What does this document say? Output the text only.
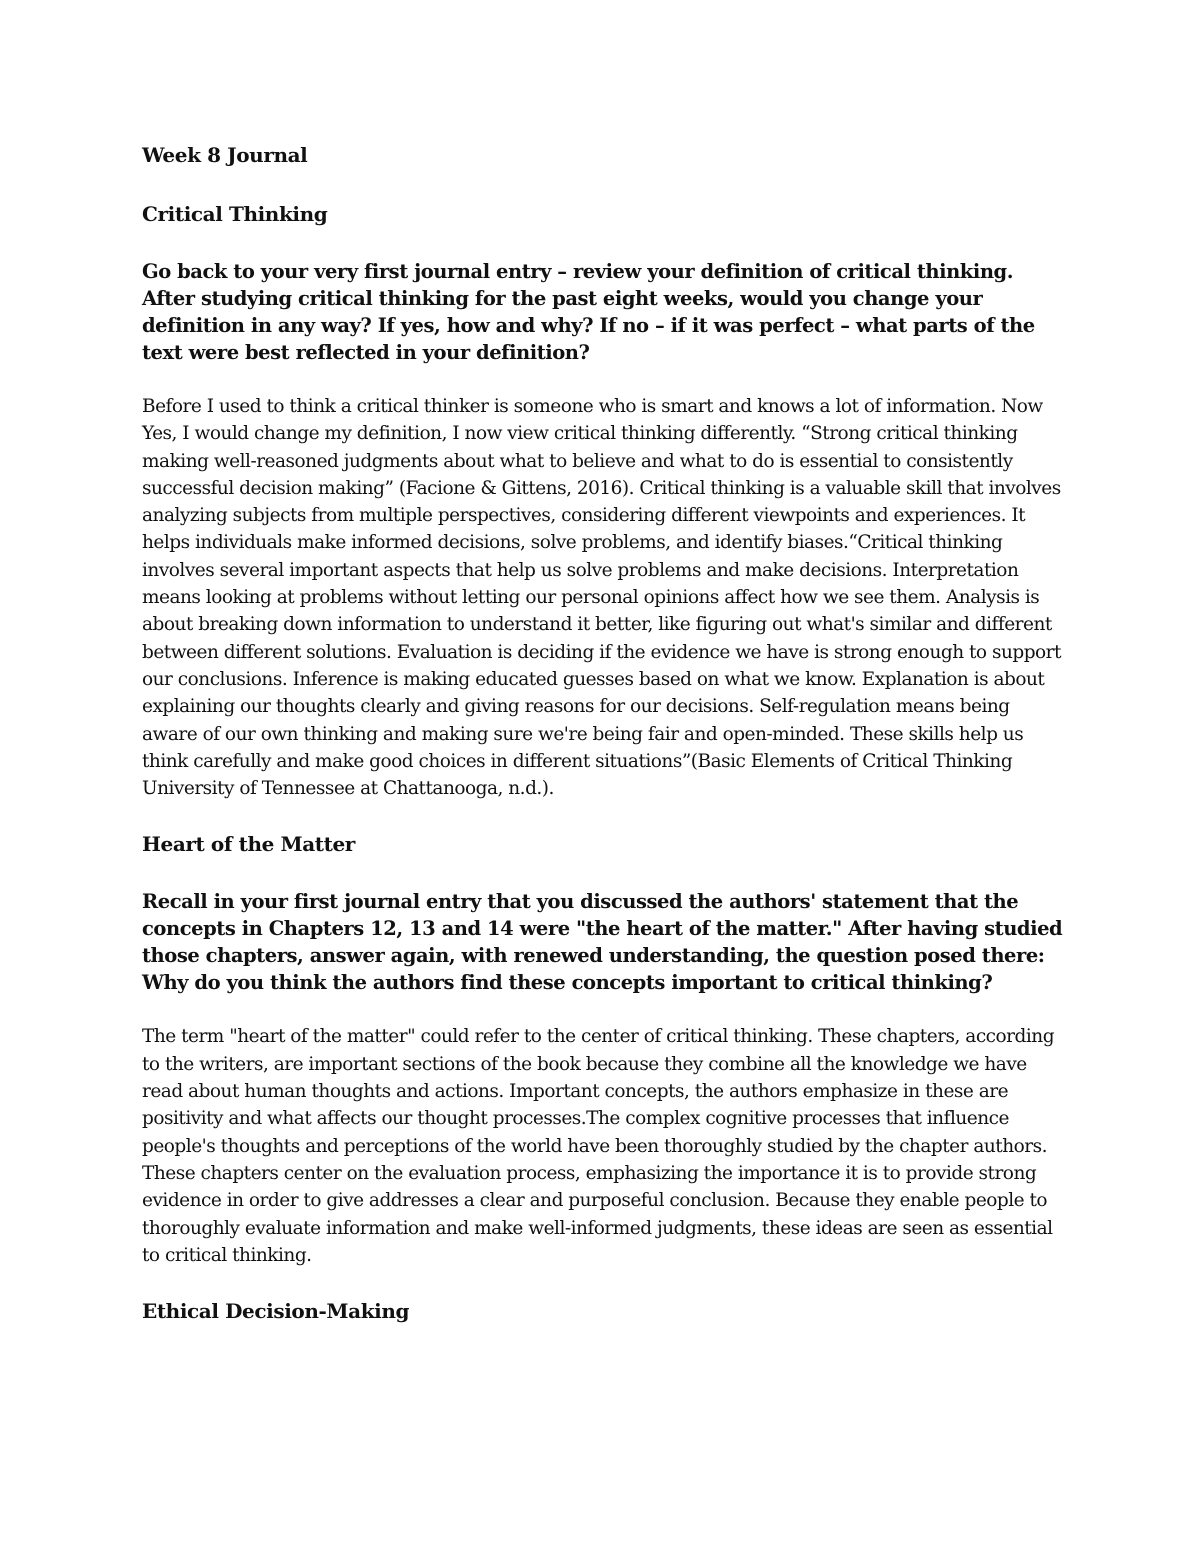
Week 8 Journal
Critical Thinking

Go back to your very first journal entry – review your definition of critical thinking. After studying critical thinking for the past eight weeks, would you change your definition in any way? If yes, how and why? If no – if it was perfect – what parts of the text were best reflected in your definition?

Before I used to think a critical thinker is someone who is smart and knows a lot of information. Now Yes, I would change my definition, I now view critical thinking differently. “Strong critical thinking making well-reasoned judgments about what to believe and what to do is essential to consistently successful decision making” (Facione & Gittens, 2016). Critical thinking is a valuable skill that involves analyzing subjects from multiple perspectives, considering different viewpoints and experiences. It helps individuals make informed decisions, solve problems, and identify biases.“Critical thinking involves several important aspects that help us solve problems and make decisions. Interpretation means looking at problems without letting our personal opinions affect how we see them. Analysis is about breaking down information to understand it better, like figuring out what's similar and different between different solutions. Evaluation is deciding if the evidence we have is strong enough to support our conclusions. Inference is making educated guesses based on what we know. Explanation is about explaining our thoughts clearly and giving reasons for our decisions. Self-regulation means being aware of our own thinking and making sure we're being fair and open-minded. These skills help us think carefully and make good choices in different situations”(Basic Elements of Critical Thinking University of Tennessee at Chattanooga, n.d.).

Heart of the Matter

Recall in your first journal entry that you discussed the authors' statement that the concepts in Chapters 12, 13 and 14 were "the heart of the matter." After having studied those chapters, answer again, with renewed understanding, the question posed there: Why do you think the authors find these concepts important to critical thinking?

The term "heart of the matter" could refer to the center of critical thinking. These chapters, according to the writers, are important sections of the book because they combine all the knowledge we have read about human thoughts and actions. Important concepts, the authors emphasize in these are positivity and what affects our thought processes.The complex cognitive processes that influence people's thoughts and perceptions of the world have been thoroughly studied by the chapter authors. These chapters center on the evaluation process, emphasizing the importance it is to provide strong evidence in order to give addresses a clear and purposeful conclusion. Because they enable people to thoroughly evaluate information and make well-informed judgments, these ideas are seen as essential to critical thinking.

Ethical Decision-Making
